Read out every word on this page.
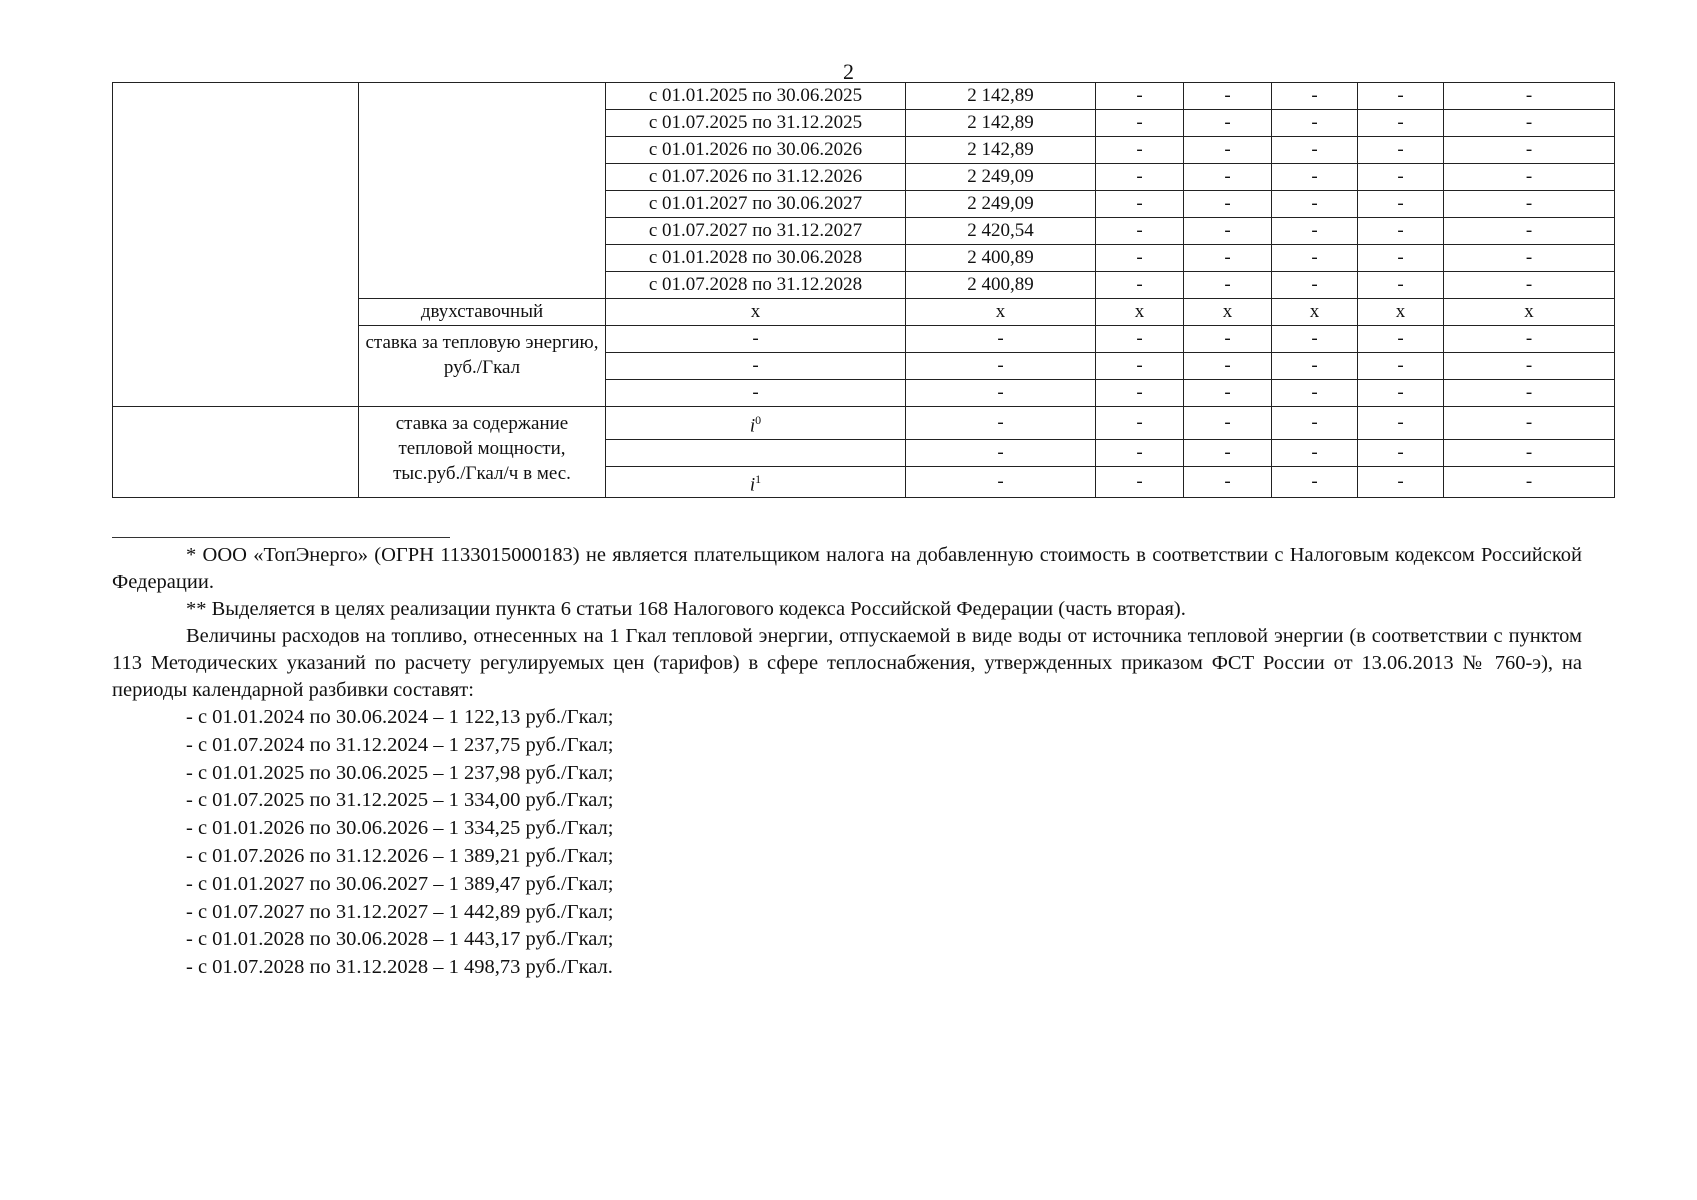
2
		с 01.01.2025 по 30.06.2025	2 142,89	-	-	-	-	-
		с 01.07.2025 по 31.12.2025	2 142,89	-	-	-	-	-
		с 01.01.2026 по 30.06.2026	2 142,89	-	-	-	-	-
		с 01.07.2026 по 31.12.2026	2 249,09	-	-	-	-	-
		с 01.01.2027 по 30.06.2027	2 249,09	-	-	-	-	-
		с 01.07.2027 по 31.12.2027	2 420,54	-	-	-	-	-
		с 01.01.2028 по 30.06.2028	2 400,89	-	-	-	-	-
		с 01.07.2028 по 31.12.2028	2 400,89	-	-	-	-	-
	двухставочный	х	х	х	х	х	х	х
	ставка за тепловую энергию, руб./Гкал	-	-	-	-	-	-	-
		-	-	-	-	-	-	-
		-	-	-	-	-	-	-
	ставка за содержание тепловой мощности, тыс.руб./Гкал/ч в мес.	$i^0$	-	-	-	-	-	-
			-	-	-	-	-	-
		$i^1$	-	-	-	-	-	-

* ООО «ТопЭнерго» (ОГРН 1133015000183) не является плательщиком налога на добавленную стоимость в соответствии с Налоговым кодексом Российской Федерации.

** Выделяется в целях реализации пункта 6 статьи 168 Налогового кодекса Российской Федерации (часть вторая).

Величины расходов на топливо, отнесенных на 1 Гкал тепловой энергии, отпускаемой в виде воды от источника тепловой энергии (в соответствии с пунктом 113 Методических указаний по расчету регулируемых цен (тарифов) в сфере теплоснабжения, утвержденных приказом ФСТ России от 13.06.2013 № 760-э), на периоды календарной разбивки составят:

- с 01.01.2024 по 30.06.2024 – 1 122,13 руб./Гкал;
- с 01.07.2024 по 31.12.2024 – 1 237,75 руб./Гкал;
- с 01.01.2025 по 30.06.2025 – 1 237,98 руб./Гкал;
- с 01.07.2025 по 31.12.2025 – 1 334,00 руб./Гкал;
- с 01.01.2026 по 30.06.2026 – 1 334,25 руб./Гкал;
- с 01.07.2026 по 31.12.2026 – 1 389,21 руб./Гкал;
- с 01.01.2027 по 30.06.2027 – 1 389,47 руб./Гкал;
- с 01.07.2027 по 31.12.2027 – 1 442,89 руб./Гкал;
- с 01.01.2028 по 30.06.2028 – 1 443,17 руб./Гкал;
- с 01.07.2028 по 31.12.2028 – 1 498,73 руб./Гкал.
